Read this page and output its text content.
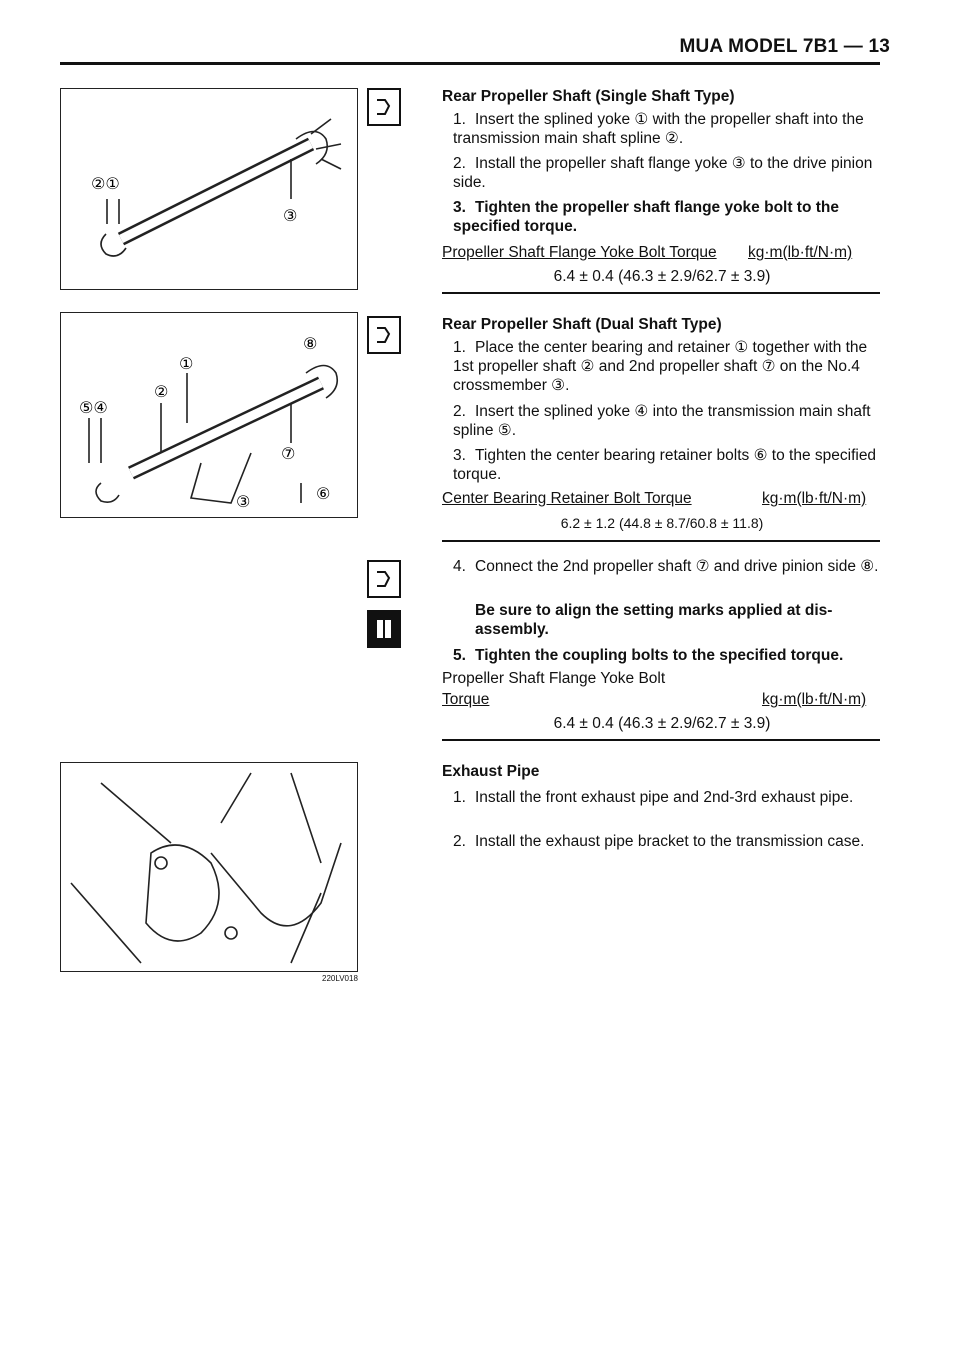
MUA MODEL 7B1 — 13
②①
③
⑧
①
②
⑤④
⑦
③	⑥
220LV018
Rear Propeller Shaft (Single Shaft Type)
1. Insert the splined yoke ① with the propeller shaft into the transmission main shaft spline ②.
2. Install the propeller shaft flange yoke ③ to the drive pinion side.
3. Tighten the propeller shaft flange yoke bolt to the specified torque.
Propeller Shaft Flange Yoke Bolt Torque kg·m(lb·ft/N·m)
6.4 ± 0.4 (46.3 ± 2.9/62.7 ± 3.9)
Rear Propeller Shaft (Dual Shaft Type)
1. Place the center bearing and retainer ① together with the 1st propeller shaft ② and 2nd propeller shaft ⑦ on the No.4 crossmember ③.
2. Insert the splined yoke ④ into the transmission main shaft spline ⑤.
3. Tighten the center bearing retainer bolts ⑥ to the specified torque.
Center Bearing Retainer Bolt Torque	kg·m(lb·ft/N·m)
6.2 ± 1.2 (44.8 ± 8.7/60.8 ± 11.8)
4. Connect the 2nd propeller shaft ⑦ and drive pinion side ⑧.
Be sure to align the setting marks applied at dis-assembly.
5. Tighten the coupling bolts to the specified torque.
Propeller Shaft Flange Yoke Bolt
Torque	kg·m(lb·ft/N·m)
6.4 ± 0.4 (46.3 ± 2.9/62.7 ± 3.9)
Exhaust Pipe
1. Install the front exhaust pipe and 2nd-3rd exhaust pipe.
2. Install the exhaust pipe bracket to the transmission case.
